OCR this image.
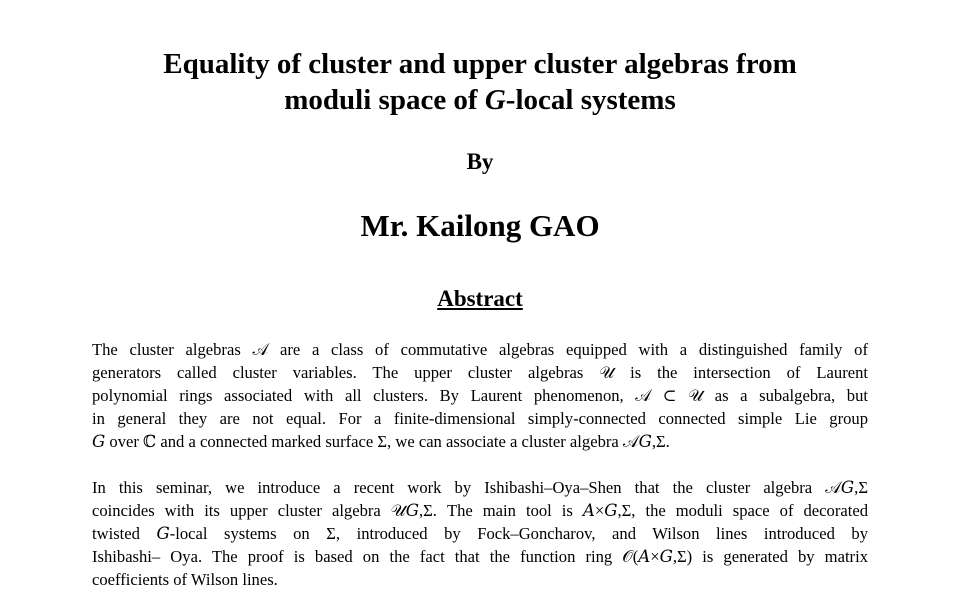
Equality of cluster and upper cluster algebras from
moduli space of G-local systems
By
Mr. Kailong GAO
Abstract
The cluster algebras 𝒜 are a class of commutative algebras equipped with a distinguished family of
generators called cluster variables. The upper cluster algebras 𝒰 is the intersection of Laurent
polynomial rings associated with all clusters. By Laurent phenomenon, 𝒜 ⊂ 𝒰 as a subalgebra, but
in general they are not equal. For a finite-dimensional simply-connected connected simple Lie group
𝐺 over ℂ and a connected marked surface Σ, we can associate a cluster algebra 𝒜𝐺,Σ.
In this seminar, we introduce a recent work by Ishibashi–Oya–Shen that the cluster algebra 𝒜𝐺,Σ
coincides with its upper cluster algebra 𝒰𝐺,Σ. The main tool is 𝐴×𝐺,Σ, the moduli space of decorated
twisted 𝐺-local systems on Σ, introduced by Fock–Goncharov, and Wilson lines introduced by
Ishibashi– Oya. The proof is based on the fact that the function ring 𝒪(𝐴×𝐺,Σ) is generated by matrix
coefficients of Wilson lines.
